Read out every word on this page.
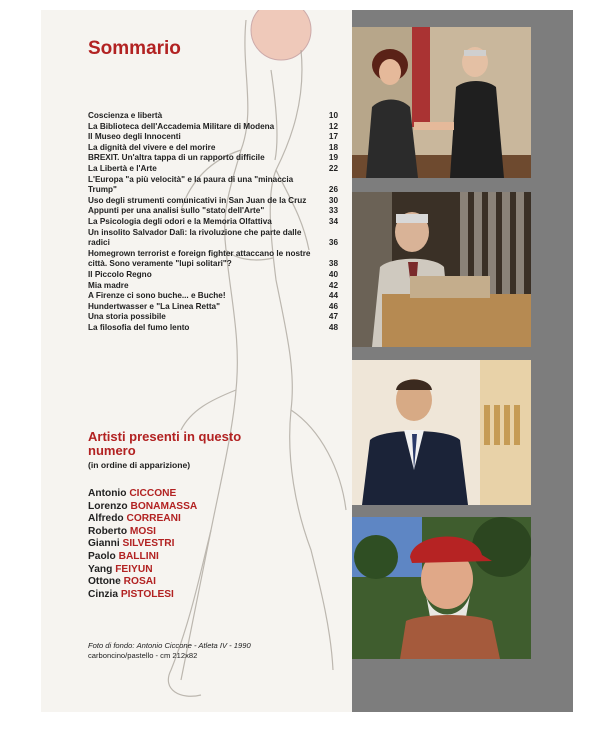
Sommario
Coscienza e libertà	10
La Biblioteca dell'Accademia Militare di Modena	12
Il Museo degli Innocenti	17
La dignità del vivere e del morire	18
BREXIT. Un'altra tappa di un rapporto difficile	19
La Libertà e l'Arte	22
L'Europa "a più velocità" e la paura di una "minaccia Trump"	26
Uso degli strumenti comunicativi in San Juan de la Cruz	30
Appunti per una analisi sullo "stato dell'Arte"	33
La Psicologia degli odori e la Memoria Olfattiva	34
Un insolito Salvador Dalì: la rivoluzione che parte dalle radici	36
Homegrown terrorist e foreign fighter attaccano le nostre città. Sono veramente "lupi solitari"?	38
Il Piccolo Regno	40
Mia madre	42
A Firenze ci sono buche... e Buche!	44
Hundertwasser e "La Linea Retta"	46
Una storia possibile	47
La filosofia del fumo lento	48
Artisti presenti in questo numero
(in ordine di apparizione)
Antonio CICCONE
Lorenzo BONAMASSA
Alfredo CORREANI
Roberto MOSI
Gianni SILVESTRI
Paolo BALLINI
Yang FEIYUN
Ottone ROSAI
Cinzia PISTOLESI
Foto di fondo: Antonio Ciccone - Atleta IV - 1990
carboncino/pastello - cm 212x82
